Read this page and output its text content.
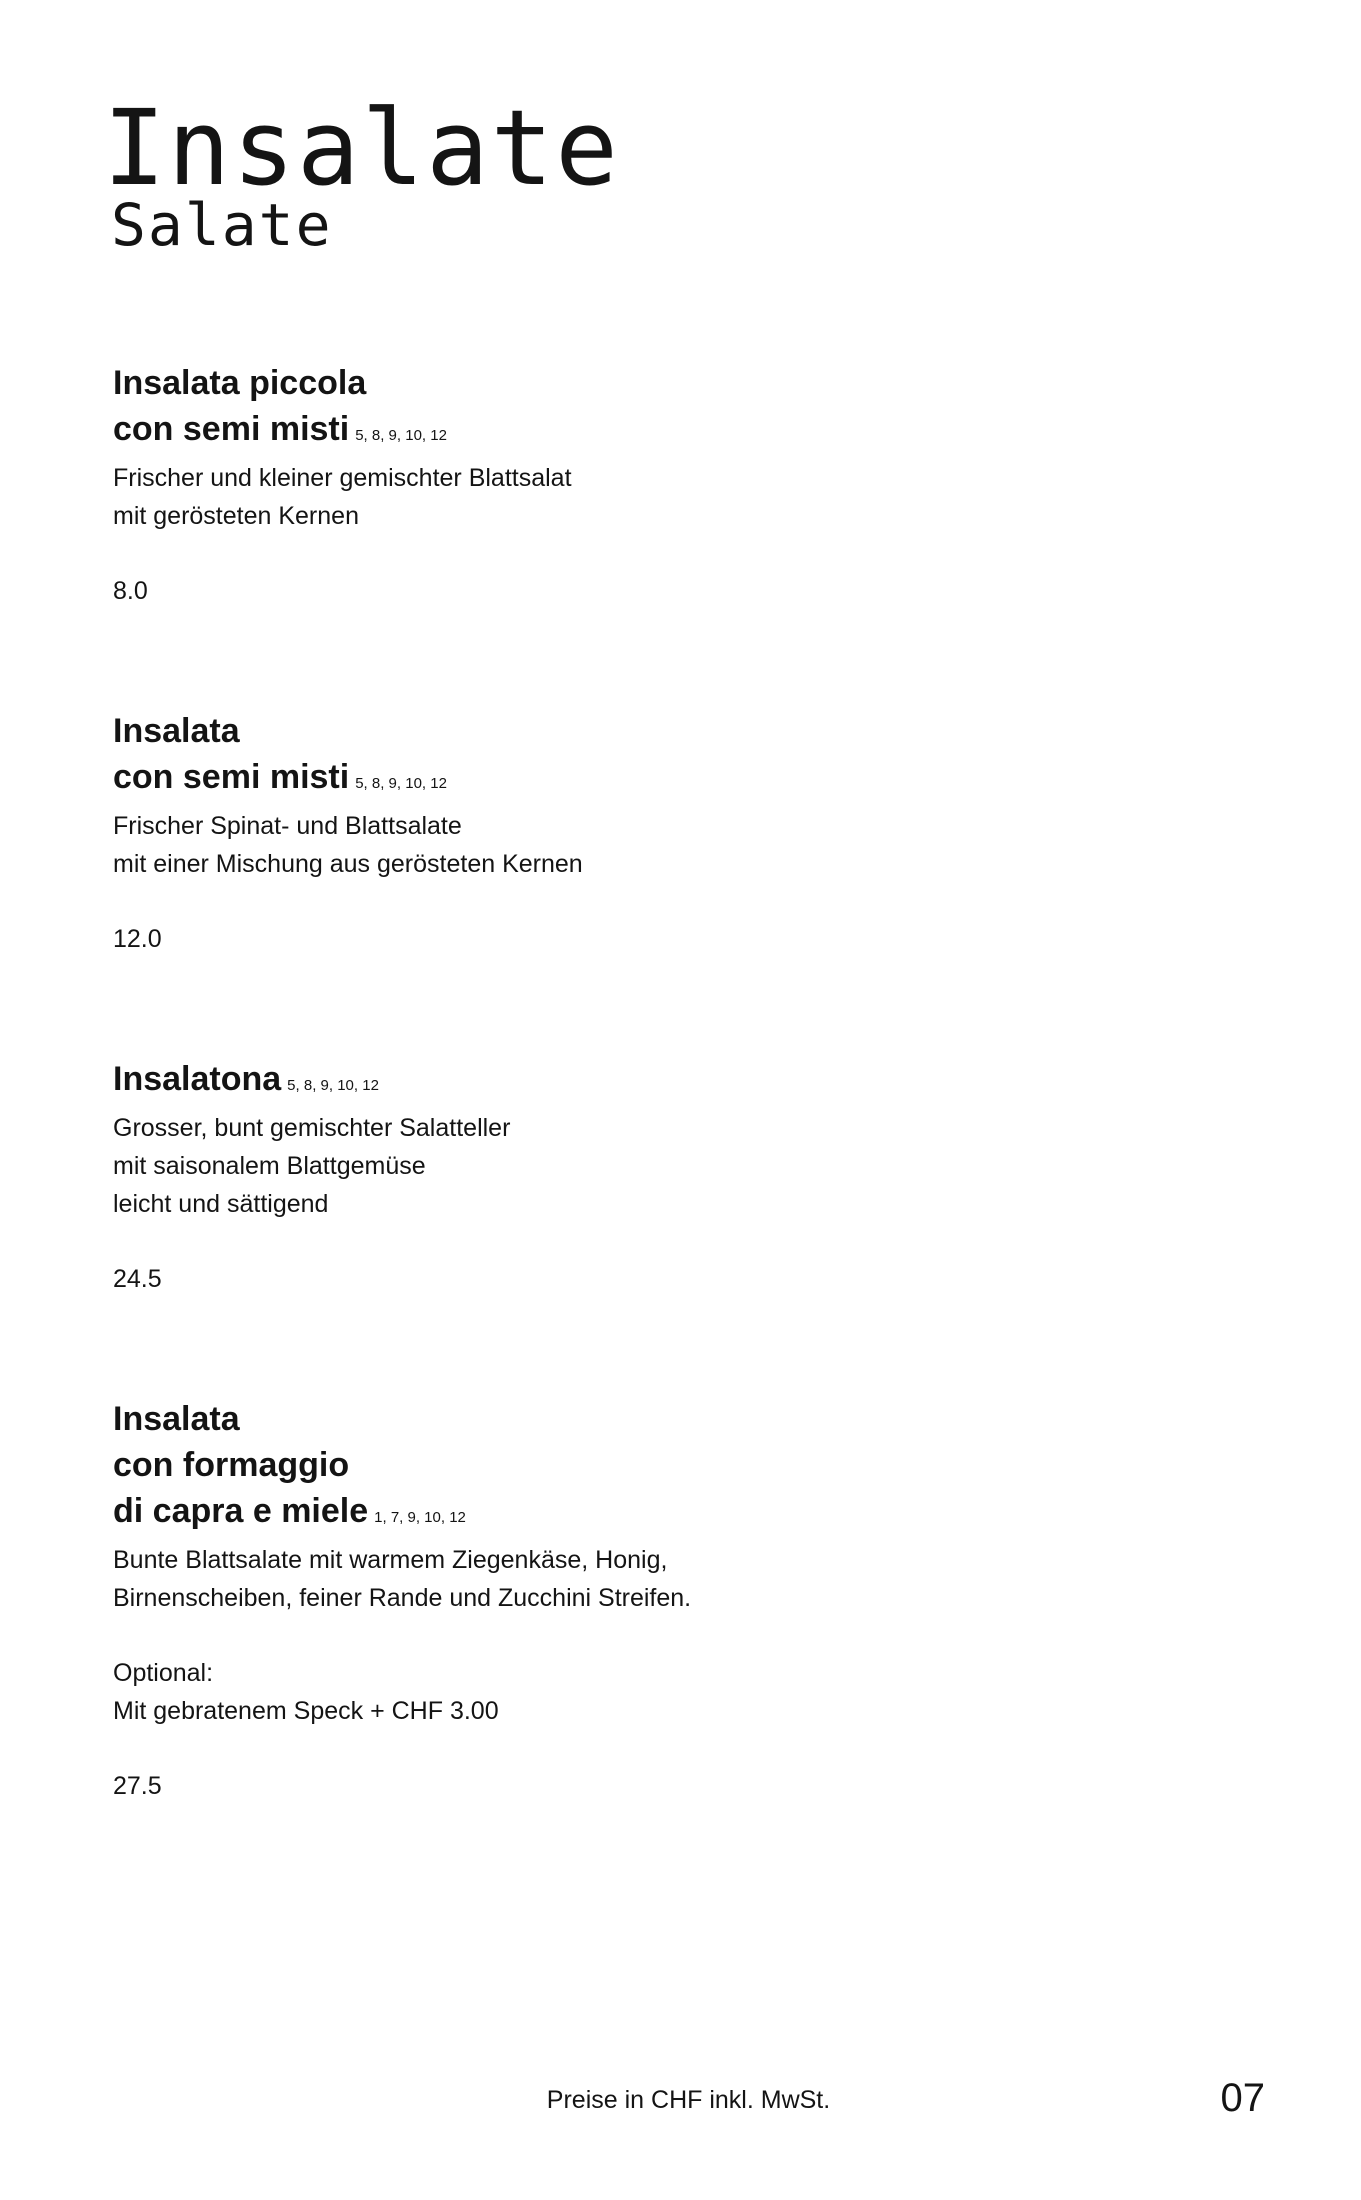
Insalate
Salate
Insalata piccola
con semi misti 5, 8, 9, 10, 12
Frischer und kleiner gemischter Blattsalat
mit gerösteten Kernen
8.0
Insalata
con semi misti 5, 8, 9, 10, 12
Frischer Spinat- und Blattsalate
mit einer Mischung aus gerösteten Kernen
12.0
Insalatona 5, 8, 9, 10, 12
Grosser, bunt gemischter Salatteller
mit saisonalem Blattgemüse
leicht und sättigend
24.5
Insalata
con formaggio
di capra e miele 1, 7, 9, 10, 12
Bunte Blattsalate mit warmem Ziegenkäse, Honig,
Birnenscheiben, feiner Rande und Zucchini Streifen.
Optional:
Mit gebratenem Speck + CHF 3.00
27.5
Preise in CHF inkl. MwSt.	07
